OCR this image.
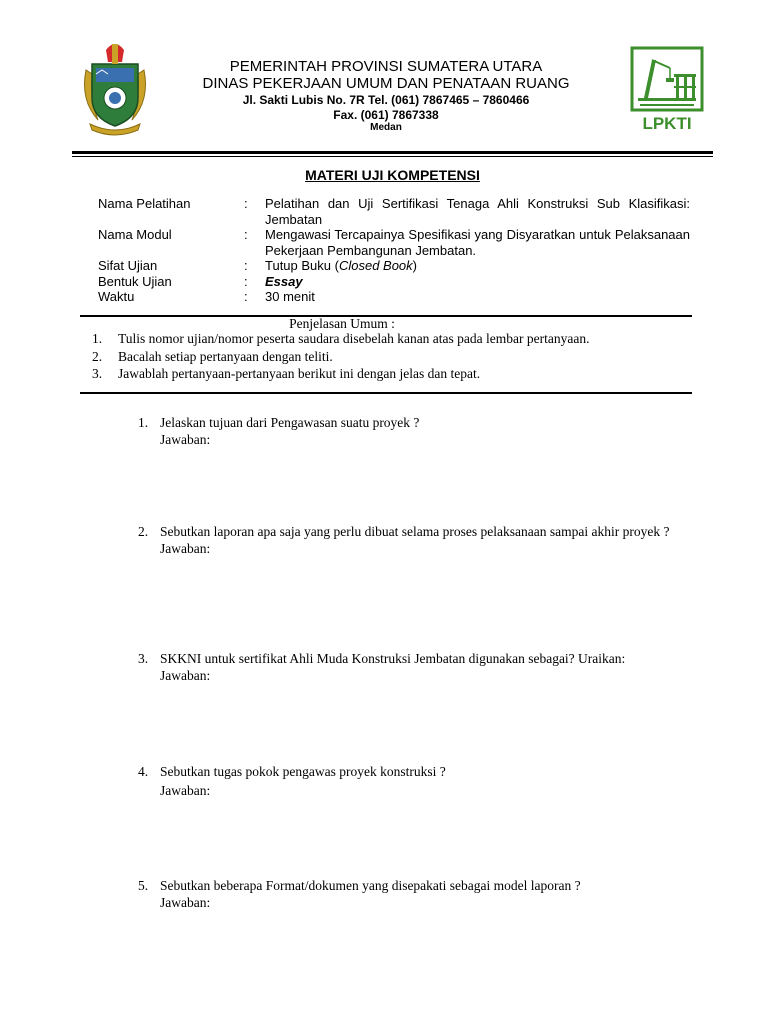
PEMERINTAH PROVINSI SUMATERA UTARA
DINAS PEKERJAAN UMUM DAN PENATAAN RUANG
Jl. Sakti Lubis No. 7R Tel. (061) 7867465 – 7860466
Fax. (061) 7867338
Medan	LPKTI
MATERI UJI KOMPETENSI
Nama Pelatihan	:	Pelatihan dan Uji Sertifikasi Tenaga Ahli Konstruksi Sub Klasifikasi: Jembatan
Nama Modul	:	Mengawasi Tercapainya Spesifikasi yang Disyaratkan untuk Pelaksanaan Pekerjaan Pembangunan Jembatan.
Sifat Ujian	:	Tutup Buku (Closed Book)
Bentuk Ujian	:	Essay
Waktu	:	30 menit
Penjelasan Umum :
1.	Tulis nomor ujian/nomor peserta saudara disebelah kanan atas pada lembar pertanyaan.
2.	Bacalah setiap pertanyaan dengan teliti.
3.	Jawablah pertanyaan-pertanyaan berikut ini dengan jelas dan tepat.
1. Jelaskan tujuan dari Pengawasan suatu proyek ?
Jawaban:
2. Sebutkan laporan apa saja yang perlu dibuat selama proses pelaksanaan sampai akhir proyek ?
Jawaban:
3. SKKNI untuk sertifikat Ahli Muda Konstruksi Jembatan digunakan sebagai? Uraikan:
Jawaban:
4. Sebutkan tugas pokok pengawas proyek konstruksi ?
Jawaban:
5. Sebutkan beberapa Format/dokumen yang disepakati sebagai model laporan ?
Jawaban:
